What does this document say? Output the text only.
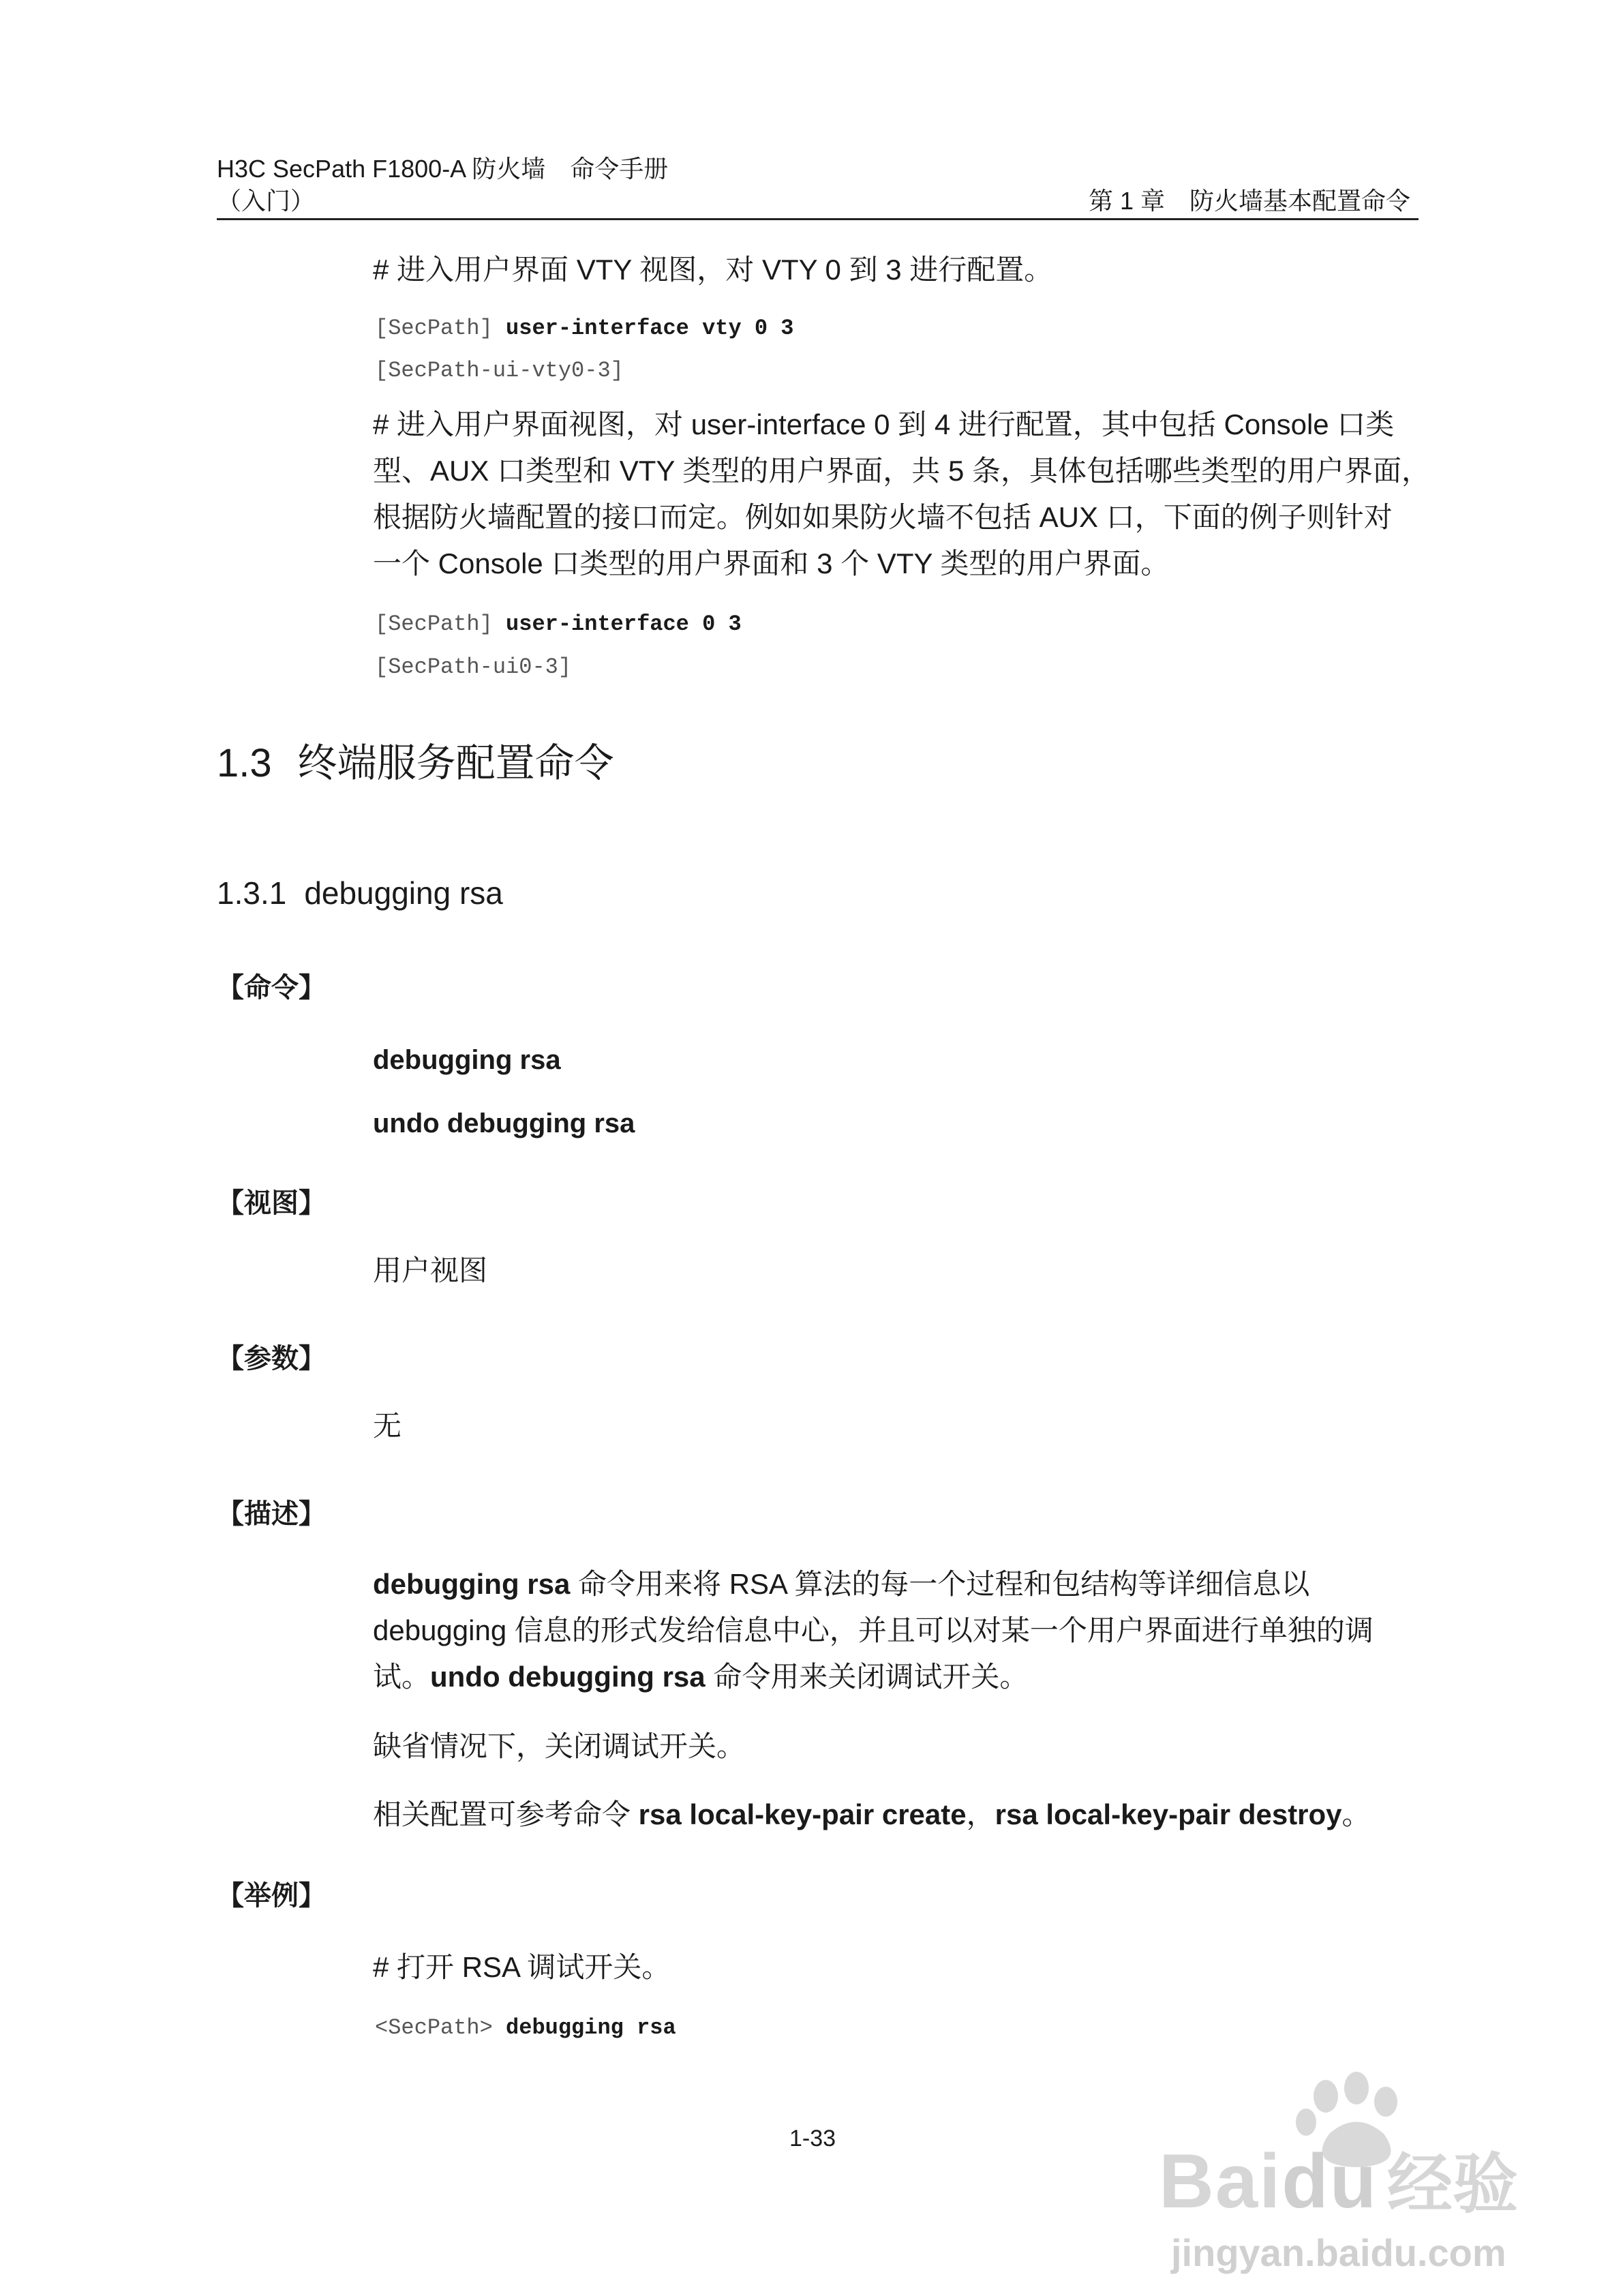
H3C SecPath F1800-A 防火墙　命令手册
（入门）	第 1 章　防火墙基本配置命令
# 进入用户界面 VTY 视图，对 VTY 0 到 3 进行配置。
[SecPath] user-interface vty 0 3
[SecPath-ui-vty0-3]
# 进入用户界面视图，对 user-interface 0 到 4 进行配置，其中包括 Console 口类
型、AUX 口类型和 VTY 类型的用户界面，共 5 条，具体包括哪些类型的用户界面，
根据防火墙配置的接口而定。例如如果防火墙不包括 AUX 口，下面的例子则针对
一个 Console 口类型的用户界面和 3 个 VTY 类型的用户界面。
[SecPath] user-interface 0 3
[SecPath-ui0-3]
1.3 终端服务配置命令
1.3.1 debugging rsa
【命令】
debugging rsa
undo debugging rsa
【视图】
用户视图
【参数】
无
【描述】
debugging rsa 命令用来将 RSA 算法的每一个过程和包结构等详细信息以
debugging 信息的形式发给信息中心，并且可以对某一个用户界面进行单独的调
试。undo debugging rsa 命令用来关闭调试开关。
缺省情况下，关闭调试开关。
相关配置可参考命令 rsa local-key-pair create，rsa local-key-pair destroy。
【举例】
# 打开 RSA 调试开关。
<SecPath> debugging rsa
1-33	Baidu 经验
jingyan.baidu.com
